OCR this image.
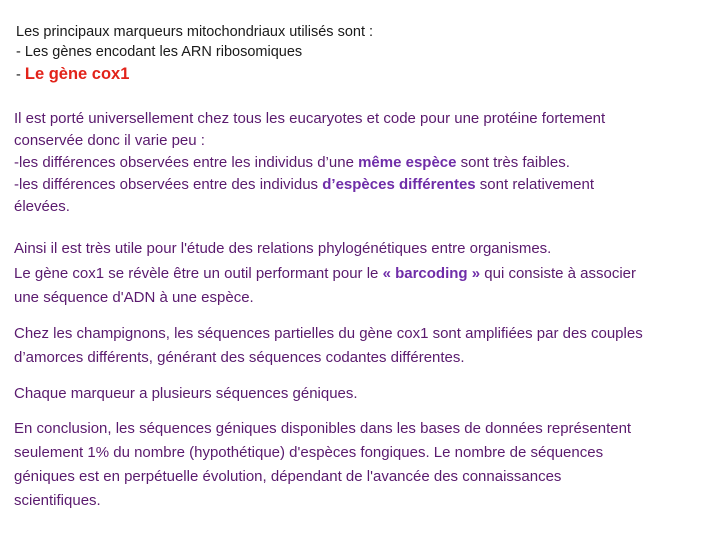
Les principaux marqueurs mitochondriaux utilisés sont :
- Les gènes encodant les ARN ribosomiques
- Le gène cox1
Il est porté universellement chez tous les eucaryotes et code pour une protéine fortement
conservée donc il varie peu :
-les différences observées entre les individus d’une même espèce sont très faibles.
-les différences observées entre des individus d’espèces différentes sont relativement
élevées.
Ainsi il est très utile pour l'étude des relations phylogénétiques entre organismes.
Le gène cox1 se révèle être un outil performant pour le « barcoding » qui consiste à associer
une séquence d'ADN à une espèce.
Chez les champignons, les séquences partielles du gène cox1 sont amplifiées par des couples
d’amorces différents, générant des séquences codantes différentes.
Chaque marqueur a plusieurs séquences géniques.
En conclusion, les séquences géniques disponibles dans les bases de données représentent
seulement 1% du nombre (hypothétique) d'espèces fongiques. Le nombre de séquences
géniques est en perpétuelle évolution, dépendant de l'avancée des connaissances
scientifiques.
